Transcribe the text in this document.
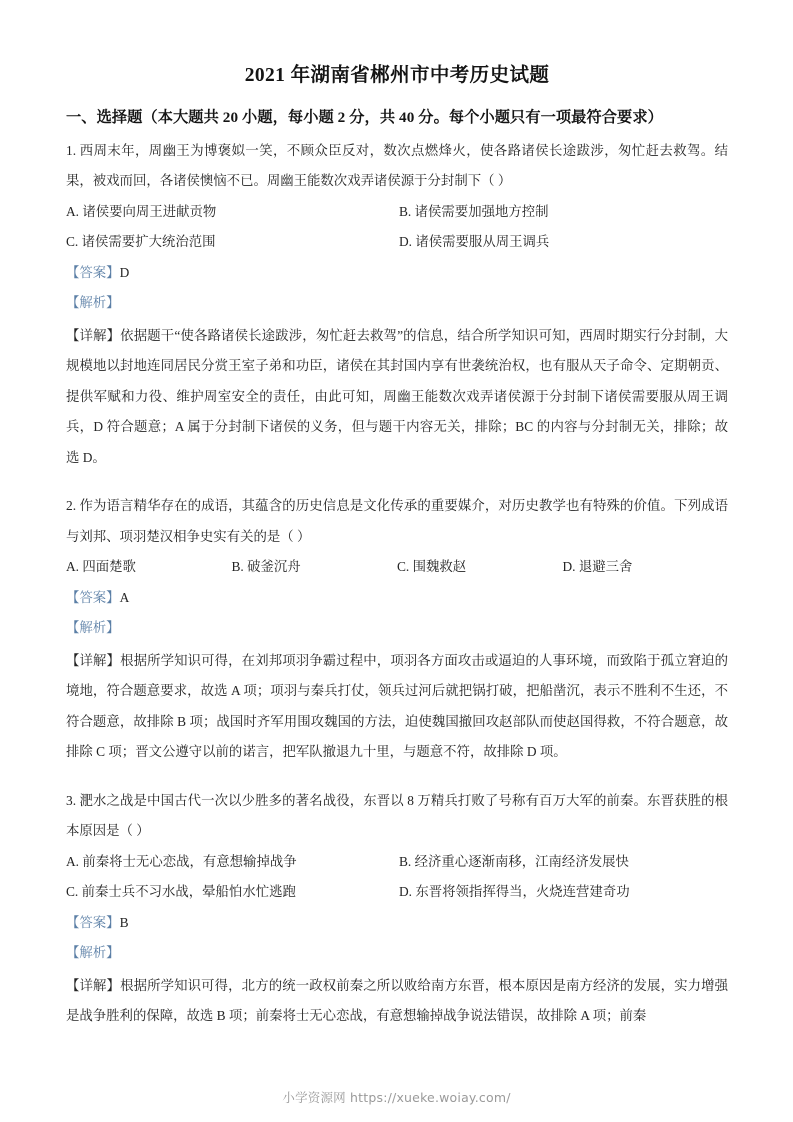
2021 年湖南省郴州市中考历史试题
一、选择题（本大题共 20 小题，每小题 2 分，共 40 分。每个小题只有一项最符合要求）

1. 西周末年，周幽王为博褒姒一笑，不顾众臣反对，数次点燃烽火，使各路诸侯长途跋涉，匆忙赶去救驾。结果，被戏而回，各诸侯懊恼不已。周幽王能数次戏弄诸侯源于分封制下（ ）

A. 诸侯要向周王进献贡物	B. 诸侯需要加强地方控制
C. 诸侯需要扩大统治范围	D. 诸侯需要服从周王调兵
【答案】D
【解析】

【详解】依据题干“使各路诸侯长途跋涉，匆忙赶去救驾”的信息，结合所学知识可知，西周时期实行分封制，大规模地以封地连同居民分赏王室子弟和功臣，诸侯在其封国内享有世袭统治权，也有服从天子命令、定期朝贡、提供军赋和力役、维护周室安全的责任，由此可知，周幽王能数次戏弄诸侯源于分封制下诸侯需要服从周王调兵，D 符合题意；A 属于分封制下诸侯的义务，但与题干内容无关，排除；BC 的内容与分封制无关，排除；故选 D。

2. 作为语言精华存在的成语，其蕴含的历史信息是文化传承的重要媒介，对历史教学也有特殊的价值。下列成语与刘邦、项羽楚汉相争史实有关的是（ ）

A. 四面楚歌	B. 破釜沉舟	C. 围魏救赵	D. 退避三舍
【答案】A
【解析】

【详解】根据所学知识可得，在刘邦项羽争霸过程中，项羽各方面攻击或逼迫的人事环境，而致陷于孤立窘迫的境地，符合题意要求，故选 A 项；项羽与秦兵打仗，领兵过河后就把锅打破，把船凿沉，表示不胜利不生还，不符合题意，故排除 B 项；战国时齐军用围攻魏国的方法，迫使魏国撤回攻赵部队而使赵国得救，不符合题意，故排除 C 项；晋文公遵守以前的诺言，把军队撤退九十里，与题意不符，故排除 D 项。

3. 淝水之战是中国古代一次以少胜多的著名战役，东晋以 8 万精兵打败了号称有百万大军的前秦。东晋获胜的根本原因是（ ）

A. 前秦将士无心恋战，有意想输掉战争	B. 经济重心逐渐南移，江南经济发展快
C. 前秦士兵不习水战，晕船怕水忙逃跑	D. 东晋将领指挥得当，火烧连营建奇功
【答案】B
【解析】

【详解】根据所学知识可得，北方的统一政权前秦之所以败给南方东晋，根本原因是南方经济的发展，实力增强是战争胜利的保障，故选 B 项；前秦将士无心恋战，有意想输掉战争说法错误，故排除 A 项；前秦

小学资源网 https://xueke.woiay.com/
